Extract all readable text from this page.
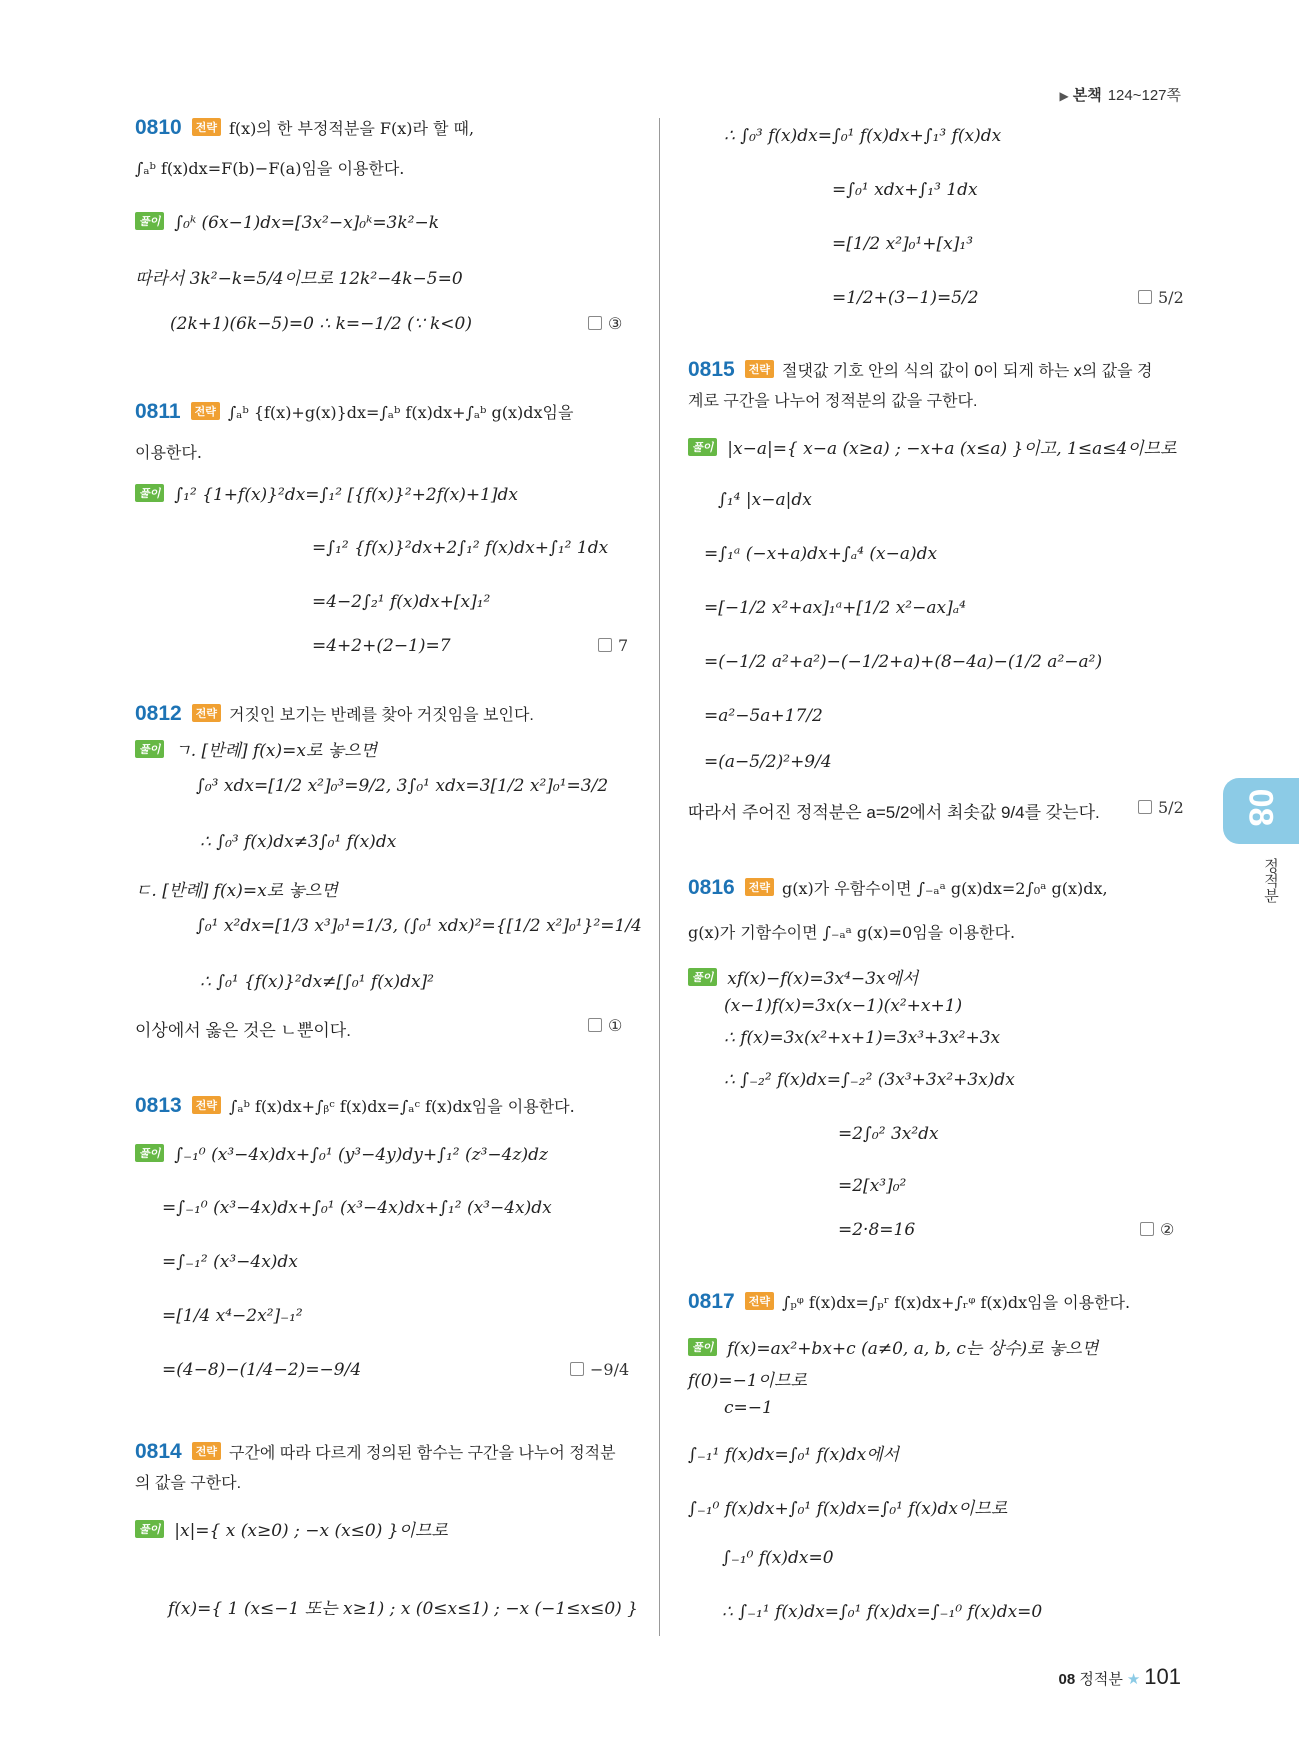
▶ 본책 124~127쪽
0810 전략 f(x)의 한 부정적분을 F(x)라 할 때,
∫ₐᵇ f(x)dx=F(b)−F(a)임을 이용한다.
풀이 ∫₀ᵏ (6x−1)dx=[3x²−x]₀ᵏ=3k²−k
따라서 3k²−k=5/4이므로 12k²−4k−5=0
(2k+1)(6k−5)=0 ∴ k=−1/2 (∵ k<0)	③
0811 전략 ∫ₐᵇ {f(x)+g(x)}dx=∫ₐᵇ f(x)dx+∫ₐᵇ g(x)dx임을
이용한다.
풀이 ∫₁² {1+f(x)}²dx=∫₁² [{f(x)}²+2f(x)+1]dx
=∫₁² {f(x)}²dx+2∫₁² f(x)dx+∫₁² 1dx
=4−2∫₂¹ f(x)dx+[x]₁²
=4+2+(2−1)=7	7
0812 전략 거짓인 보기는 반례를 찾아 거짓임을 보인다.
풀이 ㄱ. [반례] f(x)=x로 놓으면
∫₀³ xdx=[1/2 x²]₀³=9/2, 3∫₀¹ xdx=3[1/2 x²]₀¹=3/2
∴ ∫₀³ f(x)dx≠3∫₀¹ f(x)dx
ㄷ. [반례] f(x)=x로 놓으면
∫₀¹ x²dx=[1/3 x³]₀¹=1/3, (∫₀¹ xdx)²={[1/2 x²]₀¹}²=1/4
∴ ∫₀¹ {f(x)}²dx≠[∫₀¹ f(x)dx]²
이상에서 옳은 것은 ㄴ뿐이다.	①
0813 전략 ∫ₐᵇ f(x)dx+∫ᵦᶜ f(x)dx=∫ₐᶜ f(x)dx임을 이용한다.
풀이 ∫₋₁⁰ (x³−4x)dx+∫₀¹ (y³−4y)dy+∫₁² (z³−4z)dz
=∫₋₁⁰ (x³−4x)dx+∫₀¹ (x³−4x)dx+∫₁² (x³−4x)dx
=∫₋₁² (x³−4x)dx
=[1/4 x⁴−2x²]₋₁²
=(4−8)−(1/4−2)=−9/4	−9/4
0814 전략 구간에 따라 다르게 정의된 함수는 구간을 나누어 정적분
의 값을 구한다.
풀이 |x|={ x (x≥0) ; −x (x≤0) }이므로
f(x)={ 1 (x≤−1 또는 x≥1) ; x (0≤x≤1) ; −x (−1≤x≤0) }
∴ ∫₀³ f(x)dx=∫₀¹ f(x)dx+∫₁³ f(x)dx
=∫₀¹ xdx+∫₁³ 1dx
=[1/2 x²]₀¹+[x]₁³
=1/2+(3−1)=5/2	5/2
0815 전략 절댓값 기호 안의 식의 값이 0이 되게 하는 x의 값을 경
계로 구간을 나누어 정적분의 값을 구한다.
풀이 |x−a|={ x−a (x≥a) ; −x+a (x≤a) }이고, 1≤a≤4이므로
∫₁⁴ |x−a|dx
=∫₁ᵃ (−x+a)dx+∫ₐ⁴ (x−a)dx
=[−1/2 x²+ax]₁ᵃ+[1/2 x²−ax]ₐ⁴
=(−1/2 a²+a²)−(−1/2+a)+(8−4a)−(1/2 a²−a²)
=a²−5a+17/2
=(a−5/2)²+9/4
따라서 주어진 정적분은 a=5/2에서 최솟값 9/4를 갖는다.	5/2
0816 전략 g(x)가 우함수이면 ∫₋ₐᵃ g(x)dx=2∫₀ᵃ g(x)dx,
g(x)가 기함수이면 ∫₋ₐᵃ g(x)=0임을 이용한다.
풀이 xf(x)−f(x)=3x⁴−3x에서
(x−1)f(x)=3x(x−1)(x²+x+1)
∴ f(x)=3x(x²+x+1)=3x³+3x²+3x
∴ ∫₋₂² f(x)dx=∫₋₂² (3x³+3x²+3x)dx
=2∫₀² 3x²dx
=2[x³]₀²
=2·8=16	②
0817 전략 ∫ₚᵠ f(x)dx=∫ₚʳ f(x)dx+∫ᵣᵠ f(x)dx임을 이용한다.
풀이 f(x)=ax²+bx+c (a≠0, a, b, c는 상수)로 놓으면
f(0)=−1이므로
c=−1
∫₋₁¹ f(x)dx=∫₀¹ f(x)dx에서
∫₋₁⁰ f(x)dx+∫₀¹ f(x)dx=∫₀¹ f(x)dx이므로
∫₋₁⁰ f(x)dx=0
∴ ∫₋₁¹ f(x)dx=∫₀¹ f(x)dx=∫₋₁⁰ f(x)dx=0
08
정적분
08 정적분 ★ 101
